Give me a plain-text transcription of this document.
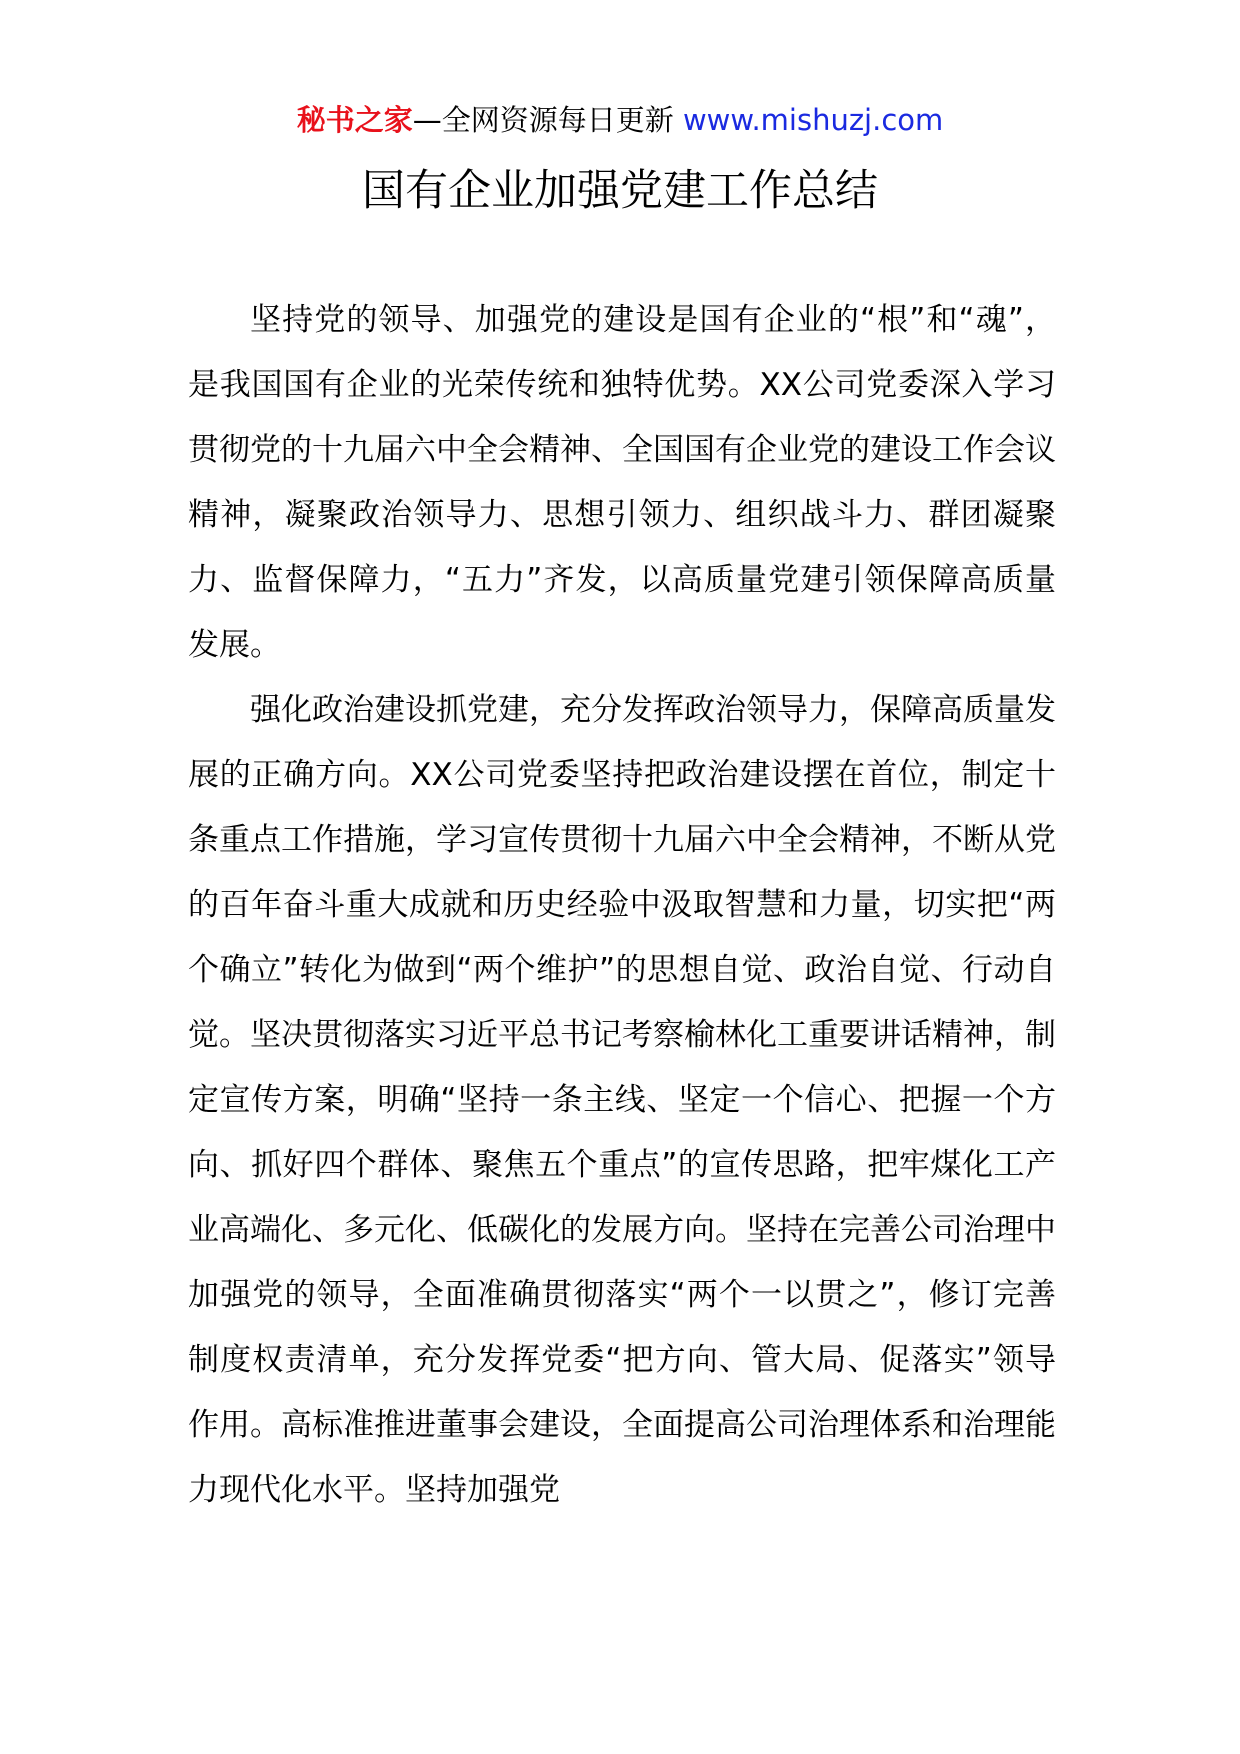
秘书之家—全网资源每日更新 www.mishuzj.com
国有企业加强党建工作总结

坚持党的领导、加强党的建设是国有企业的“根”和“魂”，是我国国有企业的光荣传统和独特优势。XX公司党委深入学习贯彻党的十九届六中全会精神、全国国有企业党的建设工作会议精神，凝聚政治领导力、思想引领力、组织战斗力、群团凝聚力、监督保障力，“五力”齐发，以高质量党建引领保障高质量发展。

强化政治建设抓党建，充分发挥政治领导力，保障高质量发展的正确方向。XX公司党委坚持把政治建设摆在首位，制定十条重点工作措施，学习宣传贯彻十九届六中全会精神，不断从党的百年奋斗重大成就和历史经验中汲取智慧和力量，切实把“两个确立”转化为做到“两个维护”的思想自觉、政治自觉、行动自觉。坚决贯彻落实习近平总书记考察榆林化工重要讲话精神，制定宣传方案，明确“坚持一条主线、坚定一个信心、把握一个方向、抓好四个群体、聚焦五个重点”的宣传思路，把牢煤化工产业高端化、多元化、低碳化的发展方向。坚持在完善公司治理中加强党的领导，全面准确贯彻落实“两个一以贯之”，修订完善制度权责清单，充分发挥党委“把方向、管大局、促落实”领导作用。高标准推进董事会建设，全面提高公司治理体系和治理能力现代化水平。坚持加强党
